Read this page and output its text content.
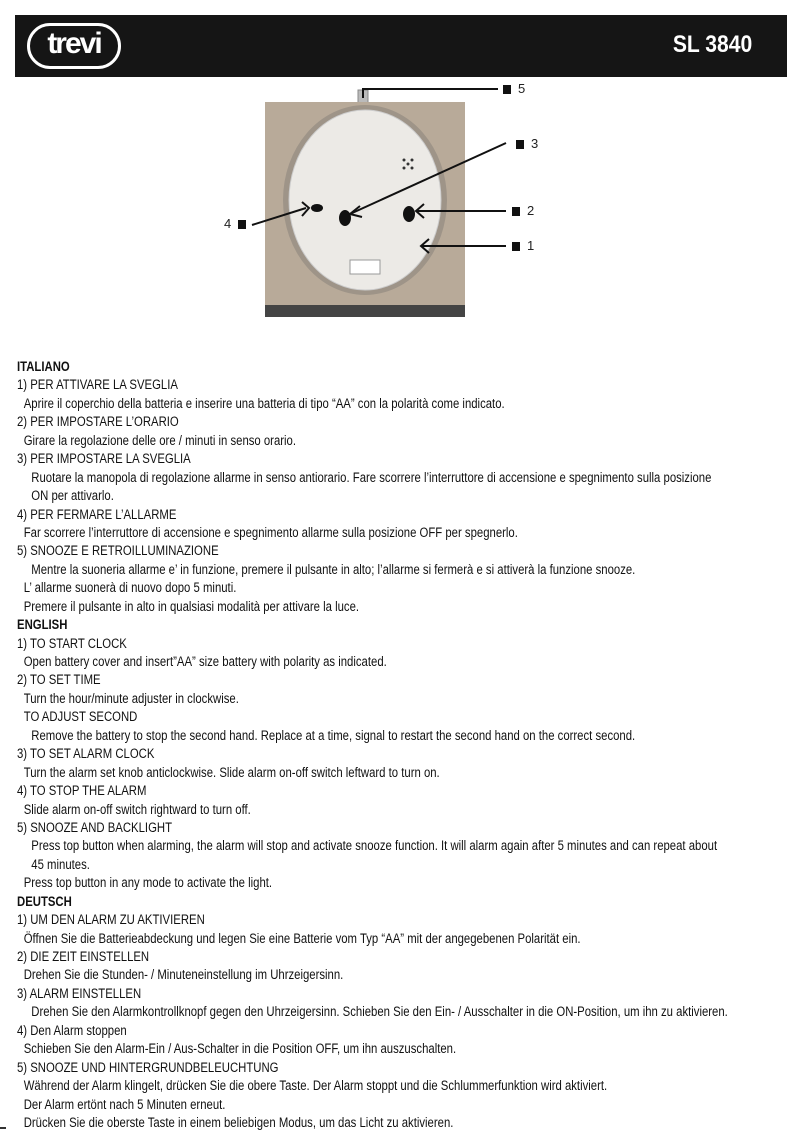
trevi	SL 3840
5
3
2
1
4
ITALIANO
1) PER ATTIVARE LA SVEGLIA
Aprire il coperchio della batteria e inserire una batteria di tipo “AA” con la polarità come indicato.
2) PER IMPOSTARE L’ORARIO
Girare la regolazione delle ore / minuti in senso orario.
3) PER IMPOSTARE LA SVEGLIA
Ruotare la manopola di regolazione allarme in senso antiorario. Fare scorrere l’interruttore di accensione e spegnimento sulla posizione
ON per attivarlo.
4) PER FERMARE L’ALLARME
Far scorrere l’interruttore di accensione e spegnimento allarme sulla posizione OFF per spegnerlo.
5) SNOOZE E RETROILLUMINAZIONE
Mentre la suoneria allarme e’ in funzione, premere il pulsante in alto; l’allarme si fermerà e si attiverà la funzione snooze.
L’ allarme suonerà di nuovo dopo 5 minuti.
Premere il pulsante in alto in qualsiasi modalità per attivare la luce.
ENGLISH
1) TO START CLOCK
Open battery cover and insert”AA” size battery with polarity as indicated.
2) TO SET TIME
Turn the hour/minute adjuster in clockwise.
TO ADJUST SECOND
Remove the battery to stop the second hand. Replace at a time, signal to restart the second hand on the correct second.
3) TO SET ALARM CLOCK
Turn the alarm set knob anticlockwise. Slide alarm on-off switch leftward to turn on.
4) TO STOP THE ALARM
Slide alarm on-off switch rightward to turn off.
5) SNOOZE AND BACKLIGHT
Press top button when alarming, the alarm will stop and activate snooze function. It will alarm again after 5 minutes and can repeat about
45 minutes.
Press top button in any mode to activate the light.
DEUTSCH
1) UM DEN ALARM ZU AKTIVIEREN
Öffnen Sie die Batterieabdeckung und legen Sie eine Batterie vom Typ “AA” mit der angegebenen Polarität ein.
2) DIE ZEIT EINSTELLEN
Drehen Sie die Stunden- / Minuteneinstellung im Uhrzeigersinn.
3) ALARM EINSTELLEN
Drehen Sie den Alarmkontrollknopf gegen den Uhrzeigersinn. Schieben Sie den Ein- / Ausschalter in die ON-Position, um ihn zu aktivieren.
4) Den Alarm stoppen
Schieben Sie den Alarm-Ein / Aus-Schalter in die Position OFF, um ihn auszuschalten.
5) SNOOZE UND HINTERGRUNDBELEUCHTUNG
Während der Alarm klingelt, drücken Sie die obere Taste. Der Alarm stoppt und die Schlummerfunktion wird aktiviert.
Der Alarm ertönt nach 5 Minuten erneut.
Drücken Sie die oberste Taste in einem beliebigen Modus, um das Licht zu aktivieren.
